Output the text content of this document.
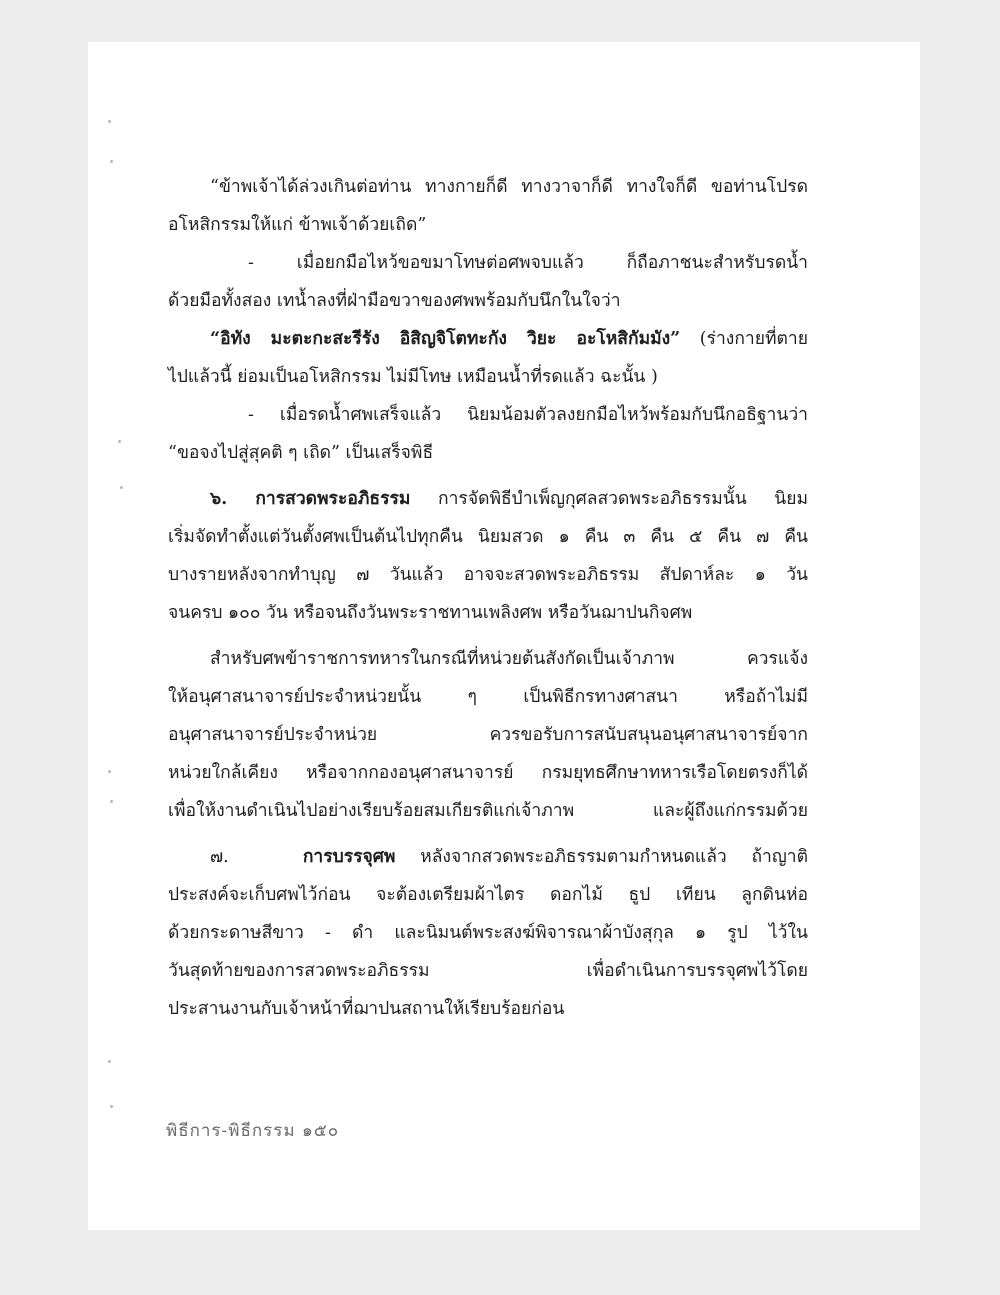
“ข้าพเจ้าได้ล่วงเกินต่อท่าน ทางกายก็ดี ทางวาจาก็ดี ทางใจก็ดี ขอท่านโปรด

อโหสิกรรมให้แก่ ข้าพเจ้าด้วยเถิด”

- เมื่อยกมือไหว้ขอขมาโทษต่อศพจบแล้ว ก็ถือภาชนะสำหรับรดน้ำ

ด้วยมือทั้งสอง เทน้ำลงที่ฝ่ามือขวาของศพพร้อมกับนึกในใจว่า

“อิทัง มะตะกะสะรีรัง อิสิญจิโตทะกัง วิยะ อะโหสิกัมมัง” (ร่างกายที่ตาย

ไปแล้วนี้ ย่อมเป็นอโหสิกรรม ไม่มีโทษ เหมือนน้ำที่รดแล้ว ฉะนั้น )

- เมื่อรดน้ำศพเสร็จแล้ว นิยมน้อมตัวลงยกมือไหว้พร้อมกับนึกอธิฐานว่า

“ขอจงไปสู่สุคติ ๆ เถิด” เป็นเสร็จพิธี

๖. การสวดพระอภิธรรม การจัดพิธีบำเพ็ญกุศลสวดพระอภิธรรมนั้น นิยม

เริ่มจัดทำตั้งแต่วันตั้งศพเป็นต้นไปทุกคืน นิยมสวด ๑ คืน ๓ คืน ๕ คืน ๗ คืน

บางรายหลังจากทำบุญ ๗ วันแล้ว อาจจะสวดพระอภิธรรม สัปดาห์ละ ๑ วัน

จนครบ ๑๐๐ วัน หรือจนถึงวันพระราชทานเพลิงศพ หรือวันฌาปนกิจศพ

สำหรับศพข้าราชการทหารในกรณีที่หน่วยต้นสังกัดเป็นเจ้าภาพ ควรแจ้ง

ให้อนุศาสนาจารย์ประจำหน่วยนั้น ๆ เป็นพิธีกรทางศาสนา หรือถ้าไม่มี

อนุศาสนาจารย์ประจำหน่วย ควรขอรับการสนับสนุนอนุศาสนาจารย์จาก

หน่วยใกล้เคียง หรือจากกองอนุศาสนาจารย์ กรมยุทธศึกษาทหารเรือโดยตรงก็ได้

เพื่อให้งานดำเนินไปอย่างเรียบร้อยสมเกียรติแก่เจ้าภาพ และผู้ถึงแก่กรรมด้วย

๗.	การบรรจุศพ หลังจากสวดพระอภิธรรมตามกำหนดแล้ว ถ้าญาติ

ประสงค์จะเก็บศพไว้ก่อน จะต้องเตรียมผ้าไตร ดอกไม้ ธูป เทียน ลูกดินห่อ

ด้วยกระดาษสีขาว - ดำ และนิมนต์พระสงฆ์พิจารณาผ้าบังสุกุล ๑ รูป ไว้ใน

วันสุดท้ายของการสวดพระอภิธรรม เพื่อดำเนินการบรรจุศพไว้โดย

ประสานงานกับเจ้าหน้าที่ฌาปนสถานให้เรียบร้อยก่อน

พิธีการ-พิธีกรรม ๑๕๐
